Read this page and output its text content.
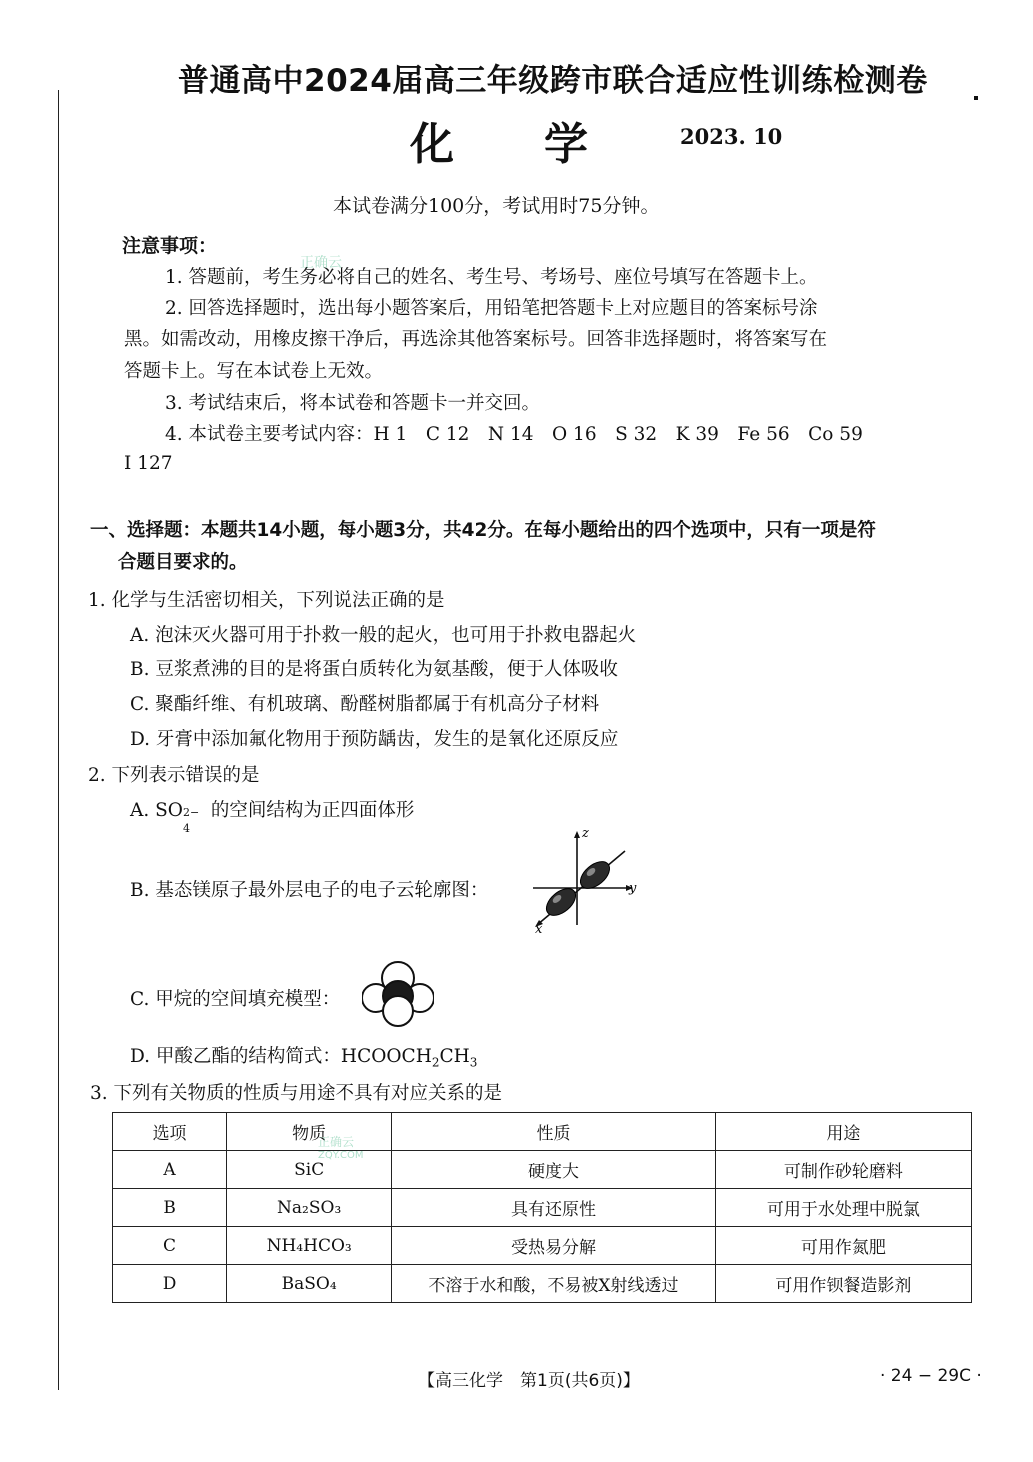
普通高中2024届高三年级跨市联合适应性训练检测卷
化学 2023. 10
本试卷满分100分，考试用时75分钟。
注意事项：
1. 答题前，考生务必将自己的姓名、考生号、考场号、座位号填写在答题卡上。
2. 回答选择题时，选出每小题答案后，用铅笔把答题卡上对应题目的答案标号涂
黑。如需改动，用橡皮擦干净后，再选涂其他答案标号。回答非选择题时，将答案写在
答题卡上。写在本试卷上无效。
3. 考试结束后，将本试卷和答题卡一并交回。
4. 本试卷主要考试内容：H 1　C 12　N 14　O 16　S 32　K 39　Fe 56　Co 59
I 127
正确云
一、选择题：本题共14小题，每小题3分，共42分。在每小题给出的四个选项中，只有一项是符
合题目要求的。
1. 化学与生活密切相关，下列说法正确的是
A. 泡沫灭火器可用于扑救一般的起火，也可用于扑救电器起火
B. 豆浆煮沸的目的是将蛋白质转化为氨基酸，便于人体吸收
C. 聚酯纤维、有机玻璃、酚醛树脂都属于有机高分子材料
D. 牙膏中添加氟化物用于预防龋齿，发生的是氧化还原反应
2. 下列表示错误的是
A. SO 2−
4
的空间结构为正四面体形
B. 基态镁原子最外层电子的电子云轮廓图：
z
y
x
C. 甲烷的空间填充模型：
D. 甲酸乙酯的结构简式：$HCOOCH_2CH_3$
3. 下列有关物质的性质与用途不具有对应关系的是
选项	物质	性质	用途
A	SiC	硬度大	可制作砂轮磨料
B	Na₂SO₃	具有还原性	可用于水处理中脱氯
C	NH₄HCO₃	受热易分解	可用作氮肥
D	BaSO₄	不溶于水和酸，不易被X射线透过	可用作钡餐造影剂
正确云
ZQY.COM
【高三化学　第1页(共6页)】	· 24 − 29C ·
